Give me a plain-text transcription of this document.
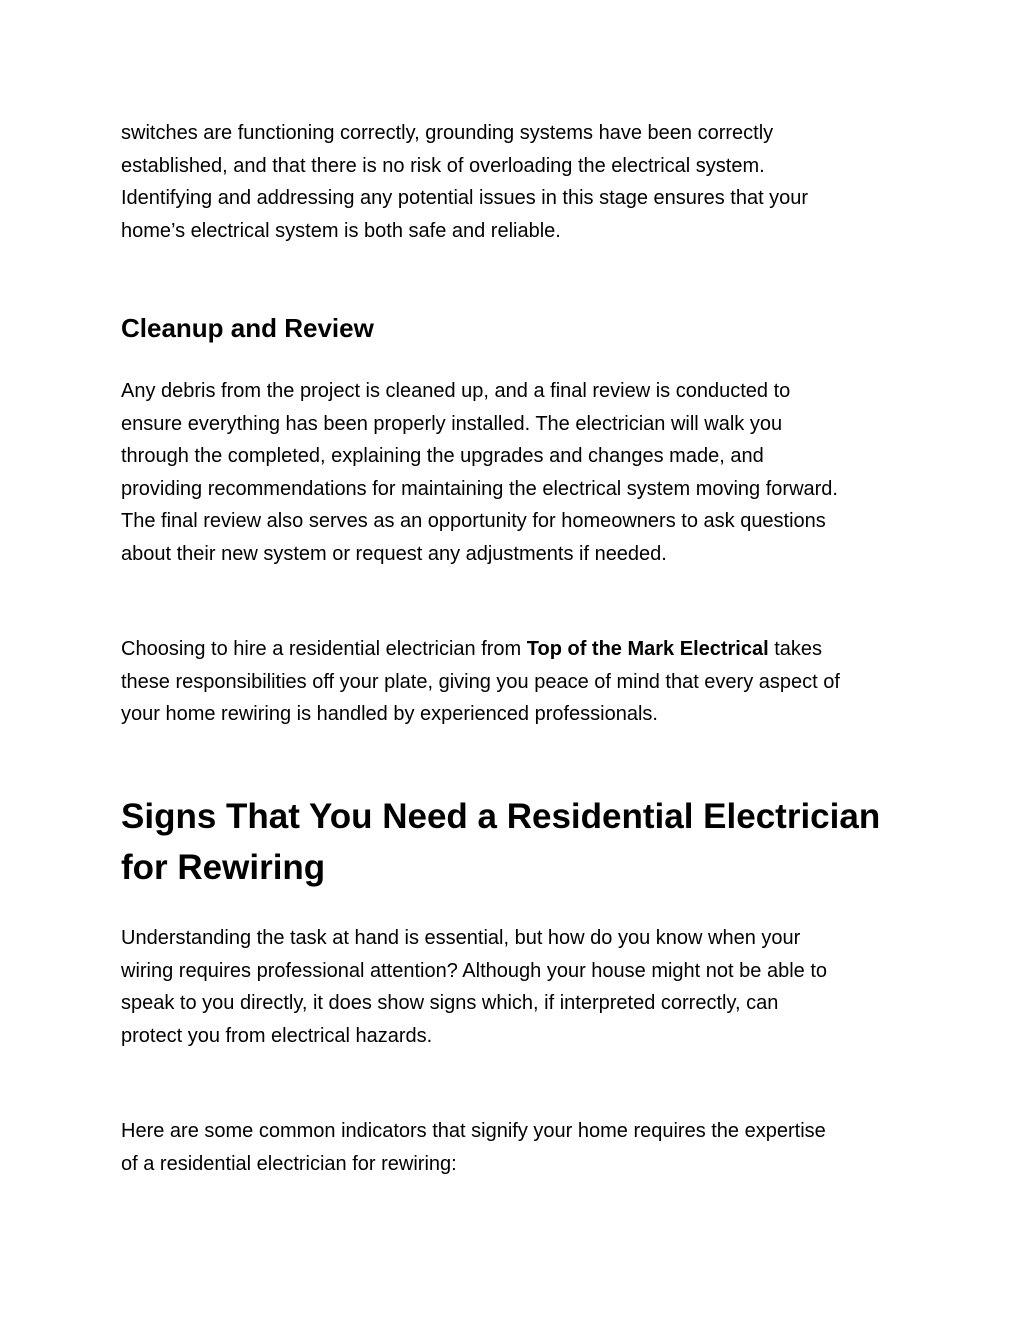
switches are functioning correctly, grounding systems have been correctly
established, and that there is no risk of overloading the electrical system.
Identifying and addressing any potential issues in this stage ensures that your
home’s electrical system is both safe and reliable.

Cleanup and Review

Any debris from the project is cleaned up, and a final review is conducted to
ensure everything has been properly installed. The electrician will walk you
through the completed, explaining the upgrades and changes made, and
providing recommendations for maintaining the electrical system moving forward.
The final review also serves as an opportunity for homeowners to ask questions
about their new system or request any adjustments if needed.

Choosing to hire a residential electrician from Top of the Mark Electrical takes
these responsibilities off your plate, giving you peace of mind that every aspect of
your home rewiring is handled by experienced professionals.

Signs That You Need a Residential Electrician
for Rewiring

Understanding the task at hand is essential, but how do you know when your
wiring requires professional attention? Although your house might not be able to
speak to you directly, it does show signs which, if interpreted correctly, can
protect you from electrical hazards.

Here are some common indicators that signify your home requires the expertise
of a residential electrician for rewiring:
